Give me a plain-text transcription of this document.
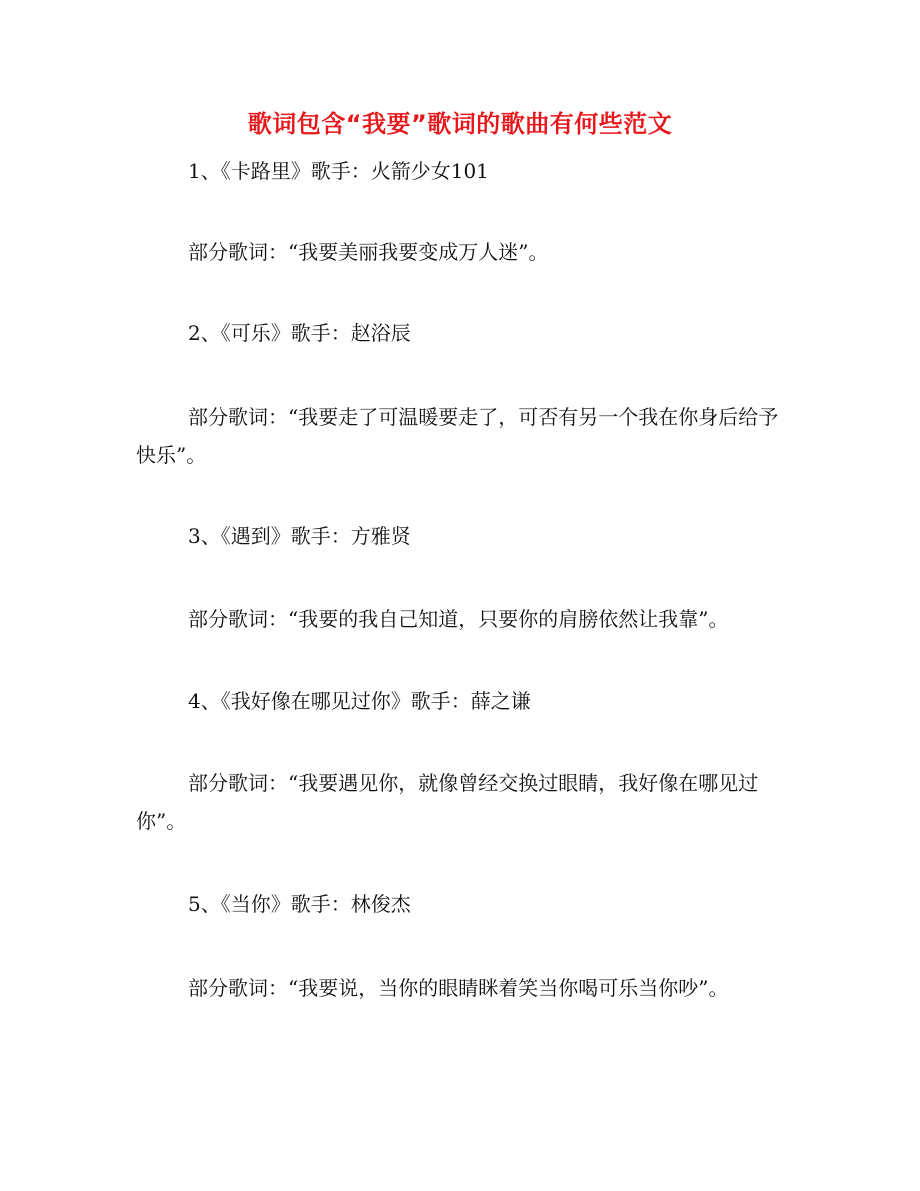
歌词包含“我要”歌词的歌曲有何些范文
1、《卡路里》歌手：火箭少女101
部分歌词：“我要美丽我要变成万人迷”。
2、《可乐》歌手：赵浴辰
部分歌词：“我要走了可温暖要走了，可否有另一个我在你身后给予快乐”。
3、《遇到》歌手：方雅贤
部分歌词：“我要的我自己知道，只要你的肩膀依然让我靠”。
4、《我好像在哪见过你》歌手：薛之谦
部分歌词：“我要遇见你，就像曾经交换过眼睛，我好像在哪见过你”。
5、《当你》歌手：林俊杰
部分歌词：“我要说，当你的眼睛眯着笑当你喝可乐当你吵”。
